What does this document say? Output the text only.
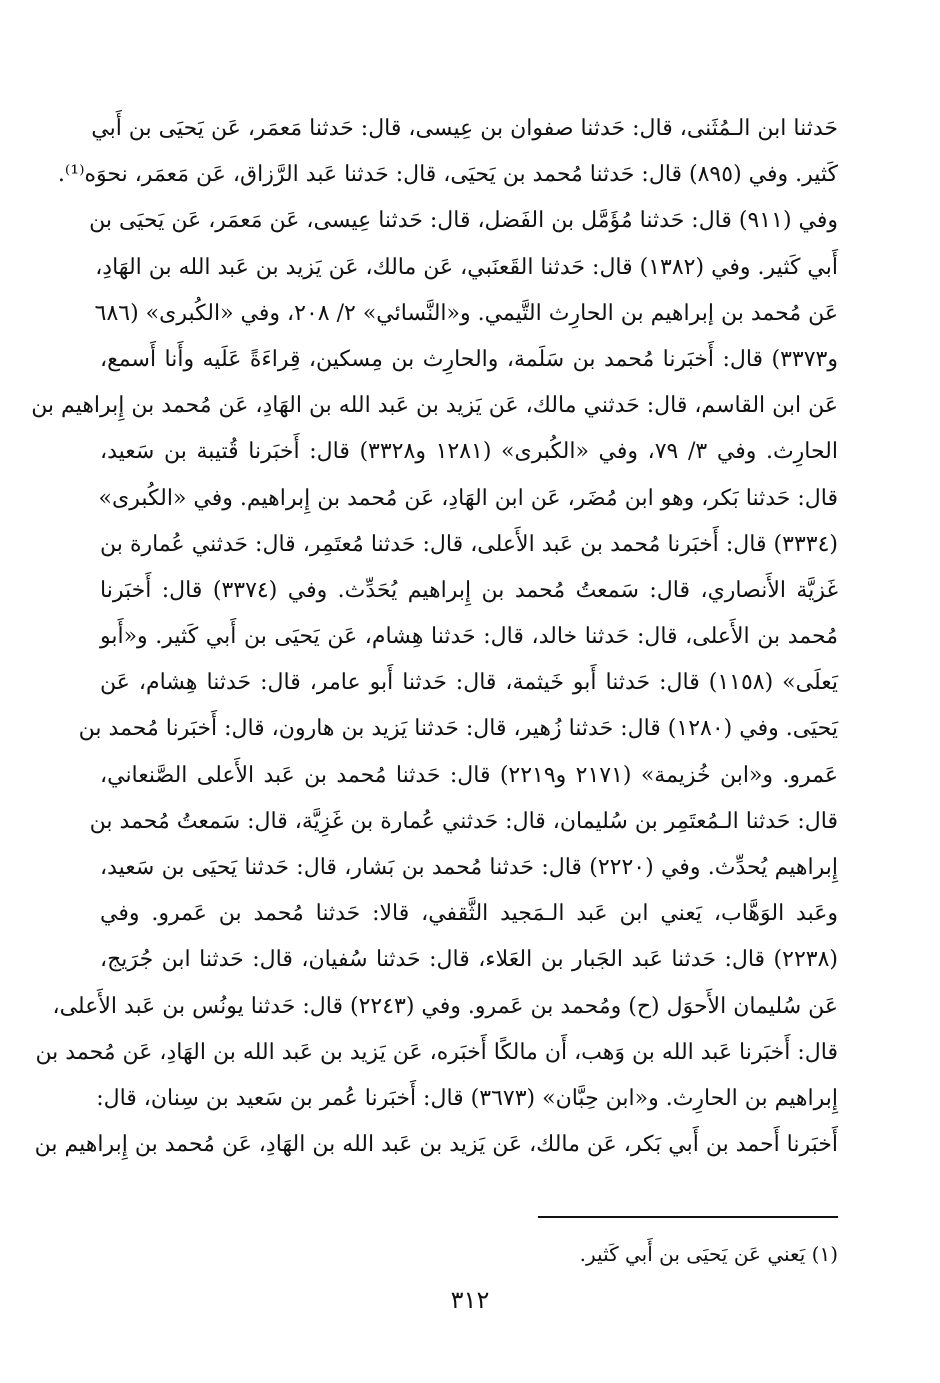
حَدثنا ابن الـمُثَنى، قال: حَدثنا صفوان بن عِيسى، قال: حَدثنا مَعمَر، عَن يَحيَى بن أَبي
كَثير. وفي (٨٩٥) قال: حَدثنا مُحمد بن يَحيَى، قال: حَدثنا عَبد الرَّزاق، عَن مَعمَر، نحوَه⁽¹⁾.
وفي (٩١١) قال: حَدثنا مُؤَمَّل بن الفَضل، قال: حَدثنا عِيسى، عَن مَعمَر، عَن يَحيَى بن
أَبي كَثير. وفي (١٣٨٢) قال: حَدثنا القَعنَبي، عَن مالك، عَن يَزيد بن عَبد الله بن الهَادِ،
عَن مُحمد بن إبراهيم بن الحارِث التَّيمي. و«النَّسائي» ٢/ ٢٠٨، وفي «الكُبرى» (٦٨٦
و٣٣٧٣) قال: أَخبَرنا مُحمد بن سَلَمة، والحارِث بن مِسكين، قِراءَةً عَلَيه وأَنا أَسمع،
عَن ابن القاسم، قال: حَدثني مالك، عَن يَزيد بن عَبد الله بن الهَادِ، عَن مُحمد بن إِبراهيم بن
الحارِث. وفي ٣/ ٧٩، وفي «الكُبرى» (١٢٨١ و٣٣٢٨) قال: أَخبَرنا قُتيبة بن سَعيد،
قال: حَدثنا بَكر، وهو ابن مُضَر، عَن ابن الهَادِ، عَن مُحمد بن إِبراهيم. وفي «الكُبرى»
(٣٣٣٤) قال: أَخبَرنا مُحمد بن عَبد الأَعلى، قال: حَدثنا مُعتَمِر، قال: حَدثني عُمارة بن
غَزيَّة الأَنصاري، قال: سَمعتُ مُحمد بن إِبراهيم يُحَدِّث. وفي (٣٣٧٤) قال: أَخبَرنا
مُحمد بن الأَعلى، قال: حَدثنا خالد، قال: حَدثنا هِشام، عَن يَحيَى بن أَبي كَثير. و«أَبو
يَعلَى» (١١٥٨) قال: حَدثنا أَبو خَيثمة، قال: حَدثنا أَبو عامر، قال: حَدثنا هِشام، عَن
يَحيَى. وفي (١٢٨٠) قال: حَدثنا زُهير، قال: حَدثنا يَزيد بن هارون، قال: أَخبَرنا مُحمد بن
عَمرو. و«ابن خُزيمة» (٢١٧١ و٢٢١٩) قال: حَدثنا مُحمد بن عَبد الأَعلى الصَّنعاني،
قال: حَدثنا الـمُعتَمِر بن سُليمان، قال: حَدثني عُمارة بن غَزِيَّة، قال: سَمعتُ مُحمد بن
إِبراهيم يُحدِّث. وفي (٢٢٢٠) قال: حَدثنا مُحمد بن بَشار، قال: حَدثنا يَحيَى بن سَعيد،
وعَبد الوَهَّاب، يَعني ابن عَبد الـمَجيد الثَّقفي، قالا: حَدثنا مُحمد بن عَمرو. وفي
(٢٢٣٨) قال: حَدثنا عَبد الجَبار بن العَلاء، قال: حَدثنا سُفيان، قال: حَدثنا ابن جُرَيج،
عَن سُليمان الأَحوَل (ح) ومُحمد بن عَمرو. وفي (٢٢٤٣) قال: حَدثنا يونُس بن عَبد الأَعلى،
قال: أَخبَرنا عَبد الله بن وَهب، أَن مالكًا أَخبَره، عَن يَزيد بن عَبد الله بن الهَادِ، عَن مُحمد بن
إِبراهيم بن الحارِث. و«ابن حِبَّان» (٣٦٧٣) قال: أَخبَرنا عُمر بن سَعيد بن سِنان، قال:
أَخبَرنا أَحمد بن أَبي بَكر، عَن مالك، عَن يَزيد بن عَبد الله بن الهَادِ، عَن مُحمد بن إِبراهيم بن
(١) يَعني عَن يَحيَى بن أَبي كَثير.
٣١٢
